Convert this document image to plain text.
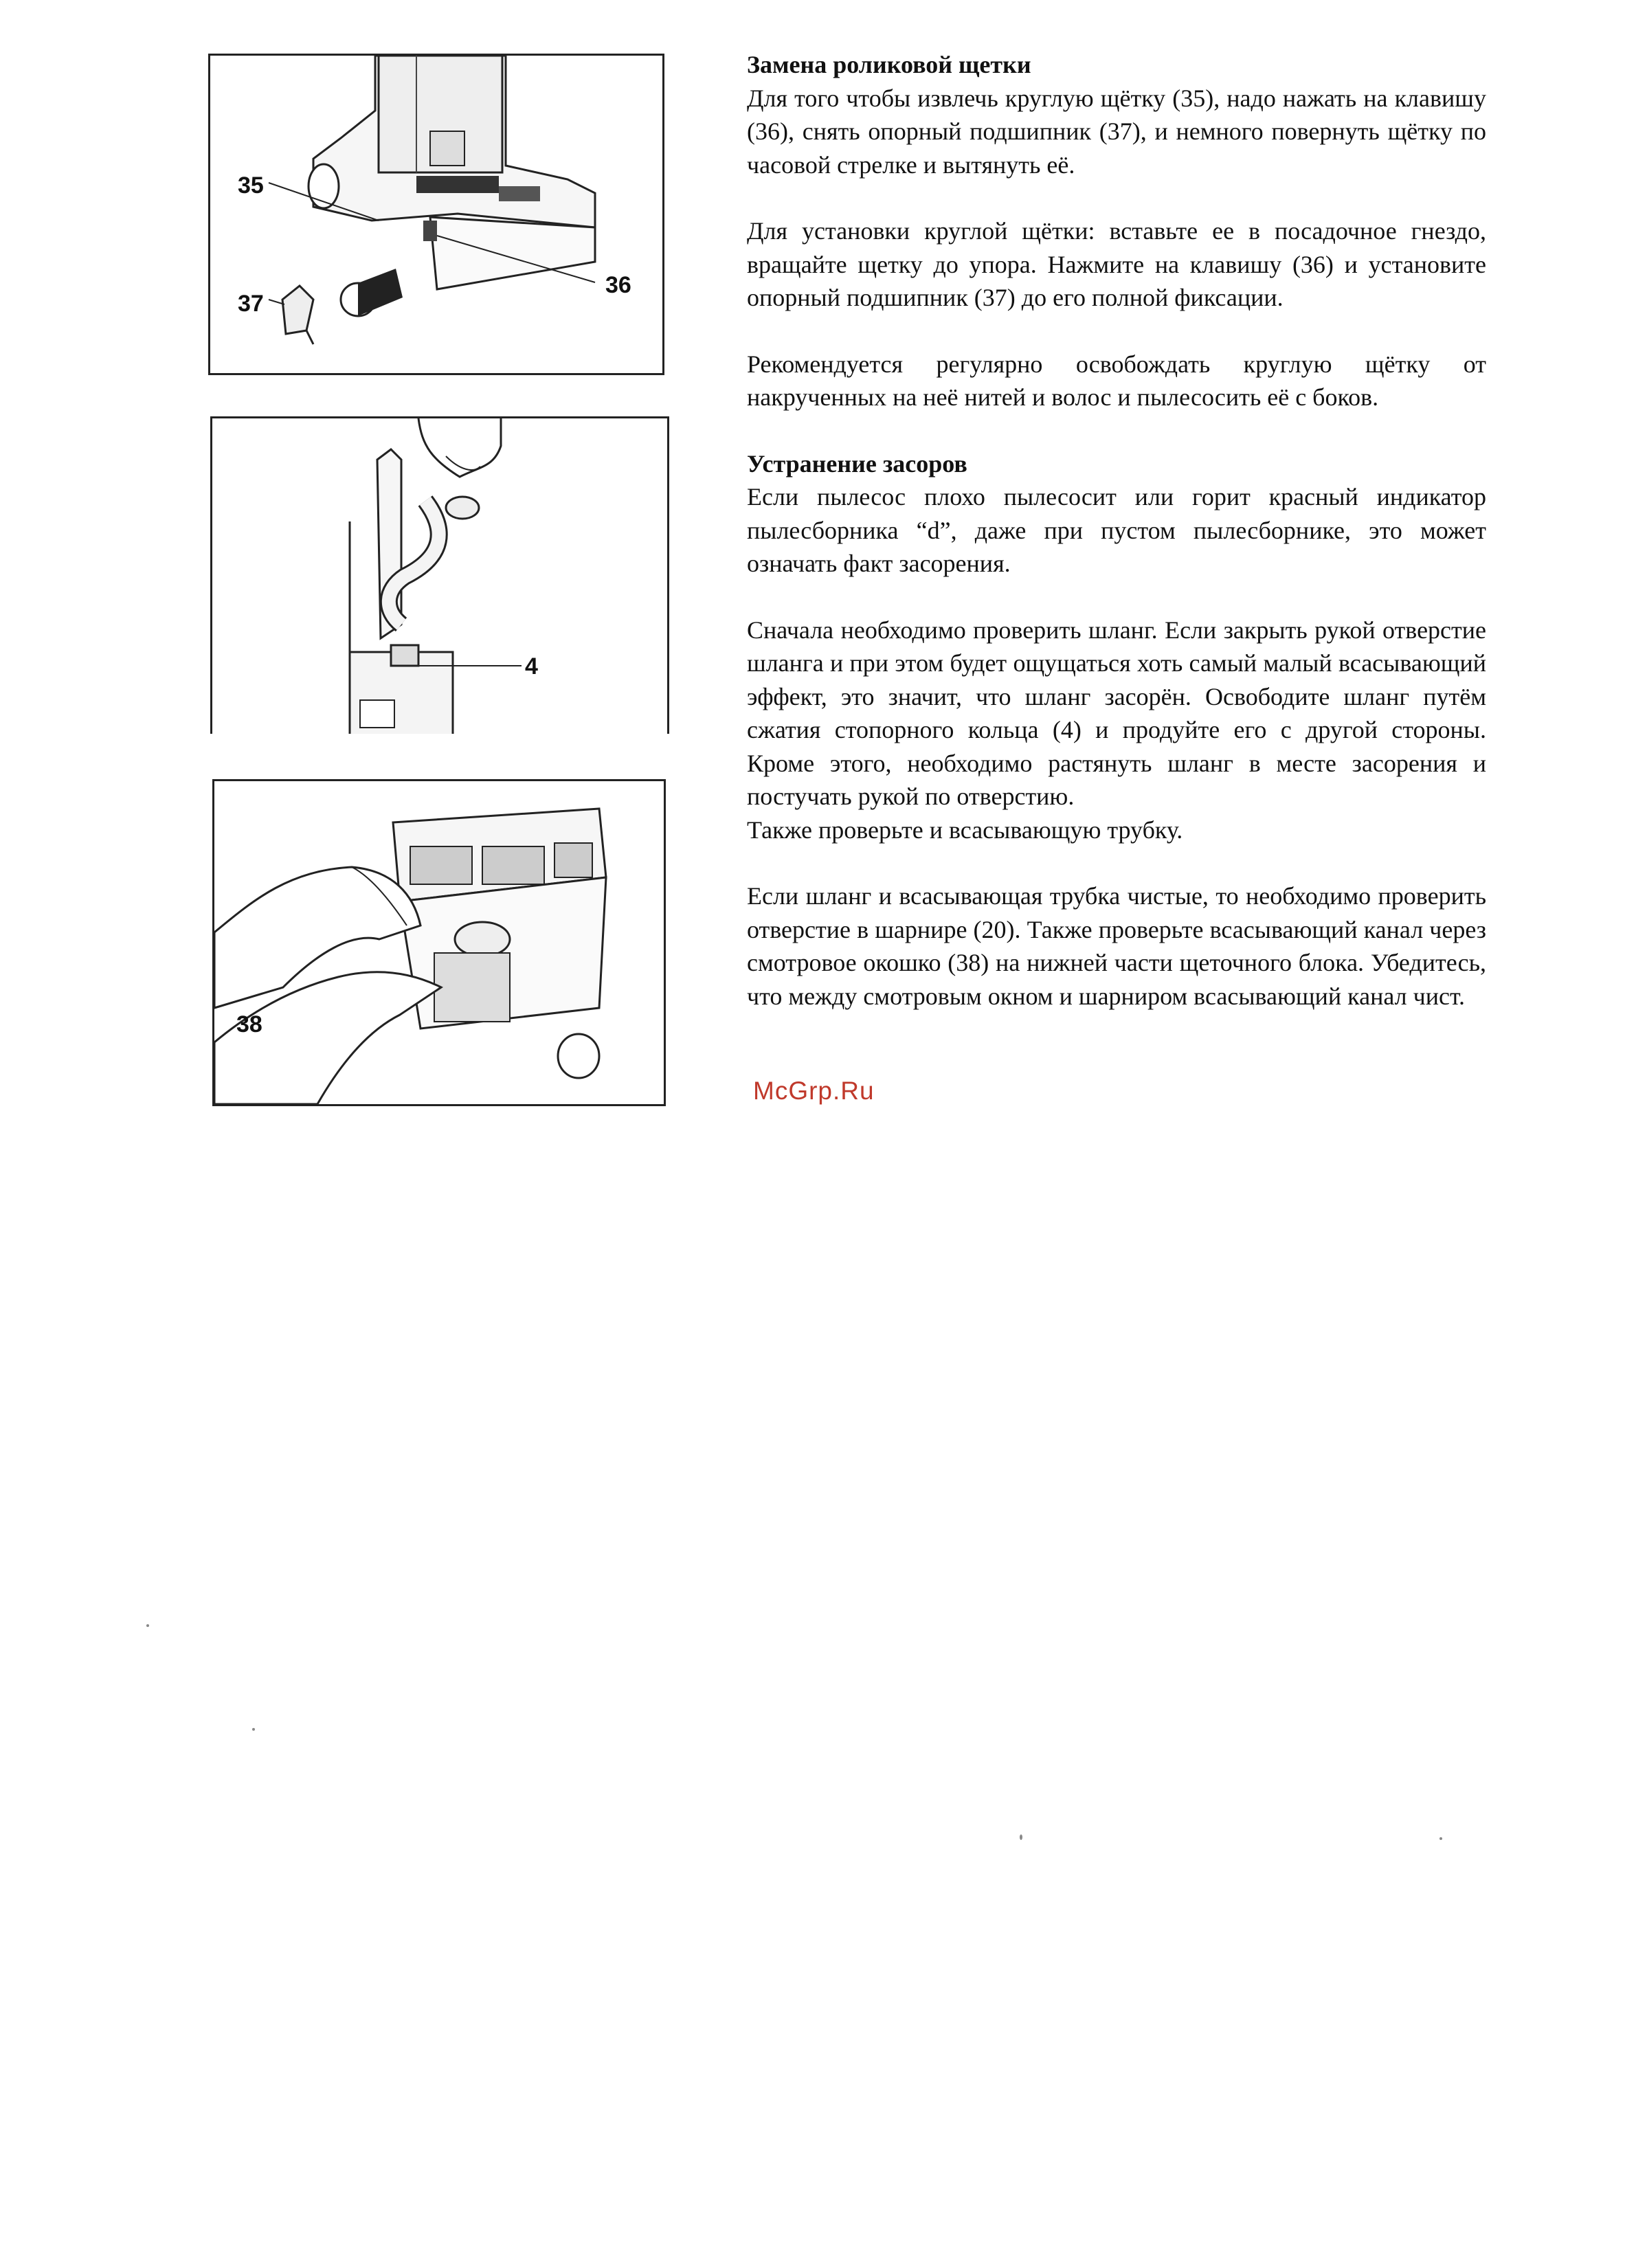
35
36
37
4
38

Замена роликовой щетки

Для того чтобы извлечь круглую щётку (35), надо нажать на клавишу (36), снять опорный подшипник (37), и немного повернуть щётку по часовой стрелке и вытянуть её.

Для установки круглой щётки: вставьте ее в посадочное гнездо, вращайте щетку до упора. Нажмите на клавишу (36) и установите опорный подшипник (37) до его полной фиксации.

Рекомендуется регулярно освобождать круглую щётку от накрученных на неё нитей и волос и пылесосить её с боков.

Устранение засоров

Если пылесос плохо пылесосит или горит красный индикатор пылесборника “d”, даже при пустом пылесборнике, это может означать факт засорения.

Сначала необходимо проверить шланг. Если закрыть рукой отверстие шланга и при этом будет ощущаться хоть самый малый всасывающий эффект, это значит, что шланг засорён. Освободите шланг путём сжатия стопорного кольца (4) и продуйте его с другой стороны. Кроме этого, необходимо растянуть шланг в месте засорения и постучать рукой по отверстию.

Также проверьте и всасывающую трубку.

Если шланг и всасывающая трубка чистые, то необходимо проверить отверстие в шарнире (20). Также проверьте всасывающий канал через смотровое окошко (38) на нижней части щеточного блока. Убедитесь, что между смотровым окном и шарниром всасывающий канал чист.

McGrp.Ru
